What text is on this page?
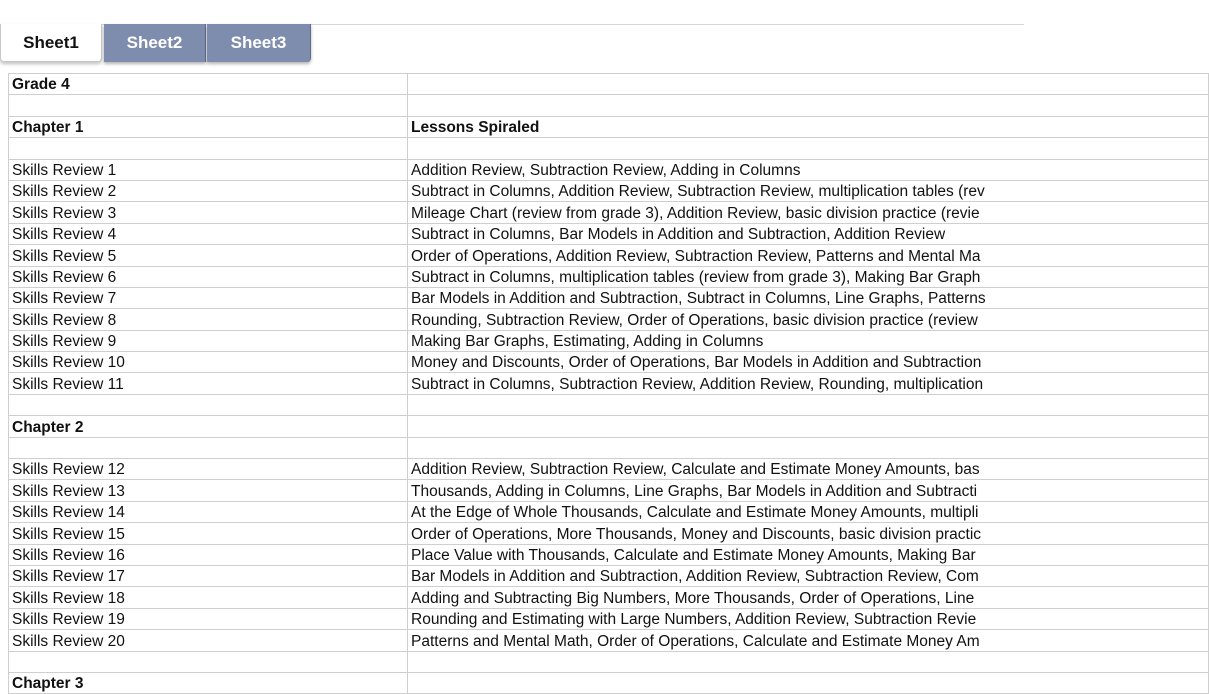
Sheet1	Sheet2	Sheet3
Grade 4	

Chapter 1	Lessons Spiraled

Skills Review 1	Addition Review, Subtraction Review, Adding in Columns
Skills Review 2	Subtract in Columns, Addition Review, Subtraction Review, multiplication tables (rev
Skills Review 3	Mileage Chart (review from grade 3), Addition Review, basic division practice (revie
Skills Review 4	Subtract in Columns, Bar Models in Addition and Subtraction, Addition Review
Skills Review 5	Order of Operations, Addition Review, Subtraction Review, Patterns and Mental Ma
Skills Review 6	Subtract in Columns, multiplication tables (review from grade 3), Making Bar Graph
Skills Review 7	Bar Models in Addition and Subtraction, Subtract in Columns, Line Graphs, Patterns
Skills Review 8	Rounding, Subtraction Review, Order of Operations, basic division practice (review
Skills Review 9	Making Bar Graphs, Estimating, Adding in Columns
Skills Review 10	Money and Discounts, Order of Operations, Bar Models in Addition and Subtraction
Skills Review 11	Subtract in Columns, Subtraction Review, Addition Review, Rounding, multiplication

Chapter 2	

Skills Review 12	Addition Review, Subtraction Review, Calculate and Estimate Money Amounts, bas
Skills Review 13	Thousands, Adding in Columns, Line Graphs, Bar Models in Addition and Subtracti
Skills Review 14	At the Edge of Whole Thousands, Calculate and Estimate Money Amounts, multipli
Skills Review 15	Order of Operations, More Thousands, Money and Discounts, basic division practic
Skills Review 16	Place Value with Thousands, Calculate and Estimate Money Amounts, Making Bar
Skills Review 17	Bar Models in Addition and Subtraction, Addition Review, Subtraction Review, Com
Skills Review 18	Adding and Subtracting Big Numbers, More Thousands, Order of Operations, Line
Skills Review 19	Rounding and Estimating with Large Numbers, Addition Review, Subtraction Revie
Skills Review 20	Patterns and Mental Math, Order of Operations, Calculate and Estimate Money Am

Chapter 3	
